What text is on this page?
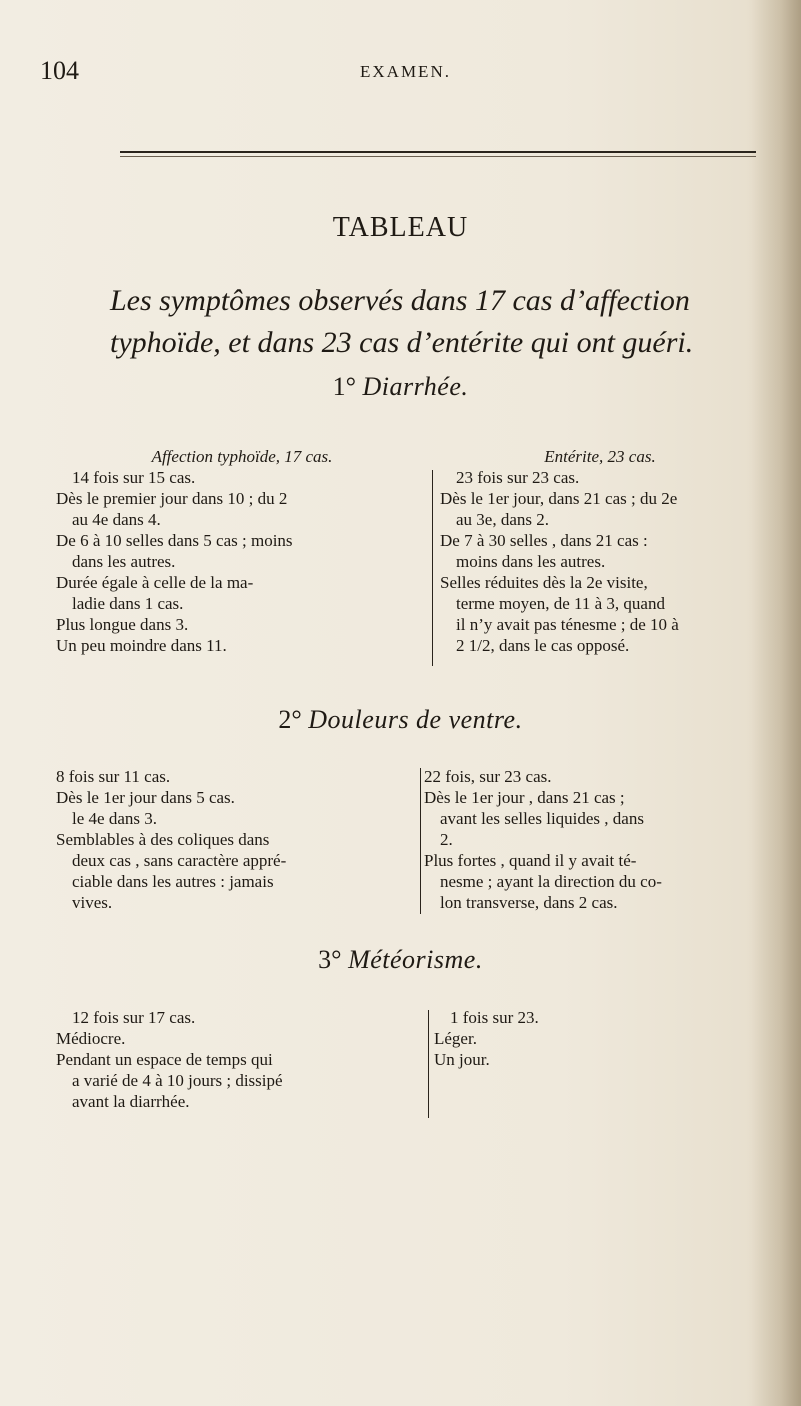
104	EXAMEN.
TABLEAU
Les symptômes observés dans 17 cas d’affection typhoïde, et dans 23 cas d’entérite qui ont guéri.
1° Diarrhée.
Affection typhoïde, 17 cas.
14 fois sur 15 cas.
Dès le premier jour dans 10 ; du 2
au 4e dans 4.
De 6 à 10 selles dans 5 cas ; moins
dans les autres.
Durée égale à celle de la ma-
ladie dans 1 cas.
Plus longue dans 3.
Un peu moindre dans 11.
Entérite, 23 cas.
23 fois sur 23 cas.
Dès le 1er jour, dans 21 cas ; du 2e
au 3e, dans 2.
De 7 à 30 selles , dans 21 cas :
moins dans les autres.
Selles réduites dès la 2e visite,
terme moyen, de 11 à 3, quand
il n’y avait pas ténesme ; de 10 à
2 1/2, dans le cas opposé.
2° Douleurs de ventre.
8 fois sur 11 cas.
Dès le 1er jour dans 5 cas.
le 4e dans 3.
Semblables à des coliques dans
deux cas , sans caractère appré-
ciable dans les autres : jamais
vives.
22 fois, sur 23 cas.
Dès le 1er jour , dans 21 cas ;
avant les selles liquides , dans
2.
Plus fortes , quand il y avait té-
nesme ; ayant la direction du co-
lon transverse, dans 2 cas.
3° Météorisme.
12 fois sur 17 cas.
Médiocre.
Pendant un espace de temps qui
a varié de 4 à 10 jours ; dissipé
avant la diarrhée.
1 fois sur 23.
Léger.
Un jour.
